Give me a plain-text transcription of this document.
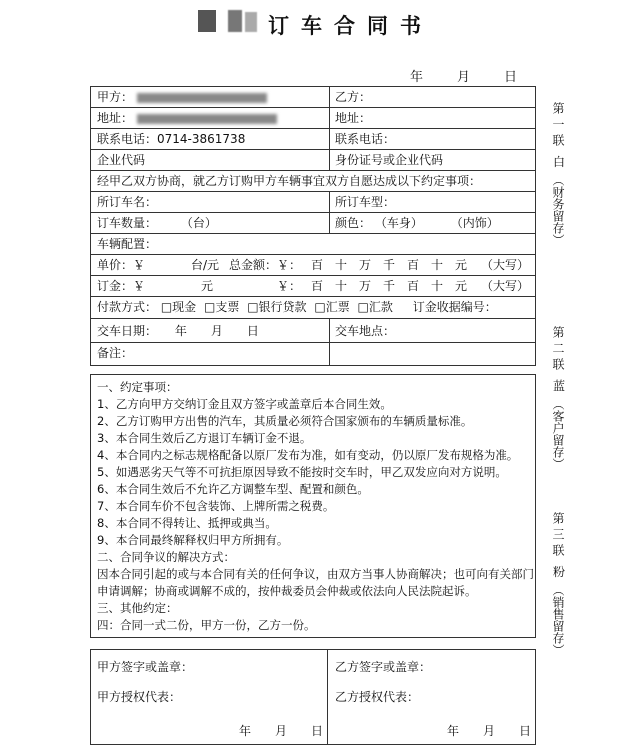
订车合同书
年 月 日
甲方：	乙方：
地址：	地址：
联系电话：0714-3861738	联系电话：
企业代码	身份证号或企业代码
经甲乙双方协商，就乙方订购甲方车辆事宜双方自愿达成以下约定事项：
所订车名：	所订车型：
订车数量： （台）	颜色： （车身） （内饰）
车辆配置：
单价：￥	台/元 总金额：￥： 百　十　万　千　百　十　元 （大写）
订金：￥	元	￥： 百　十　万　千　百　十　元 （大写）
付款方式： □现金 □支票 □银行贷款 □汇票 □汇款 订金收据编号：
交车日期： 年　　月　　日	交车地点：
备注：
一、约定事项：
1、乙方向甲方交纳订金且双方签字或盖章后本合同生效。
2、乙方订购甲方出售的汽车，其质量必须符合国家颁布的车辆质量标准。
3、本合同生效后乙方退订车辆订金不退。
4、本合同内之标志规格配备以原厂发布为准，如有变动，仍以原厂发布规格为准。
5、如遇恶劣天气等不可抗拒原因导致不能按时交车时，甲乙双发应向对方说明。
6、本合同生效后不允许乙方调整车型、配置和颜色。
7、本合同车价不包含装饰、上牌所需之税费。
8、本合同不得转让、抵押或典当。
9、本合同最终解释权归甲方所拥有。
二、合同争议的解决方式：
因本合同引起的或与本合同有关的任何争议，由双方当事人协商解决；也可向有关部门
申请调解；协商或调解不成的，按仲裁委员会仲裁或依法向人民法院起诉。
三、其他约定：
四：合同一式二份，甲方一份，乙方一份。
甲方签字或盖章：	乙方签字或盖章：
甲方授权代表：	乙方授权代表：
年　　月　　日	年　　月　　日
第一联
白
（财务留存）
第二联
蓝
（客户留存）
第三联
粉
（销售留存）
